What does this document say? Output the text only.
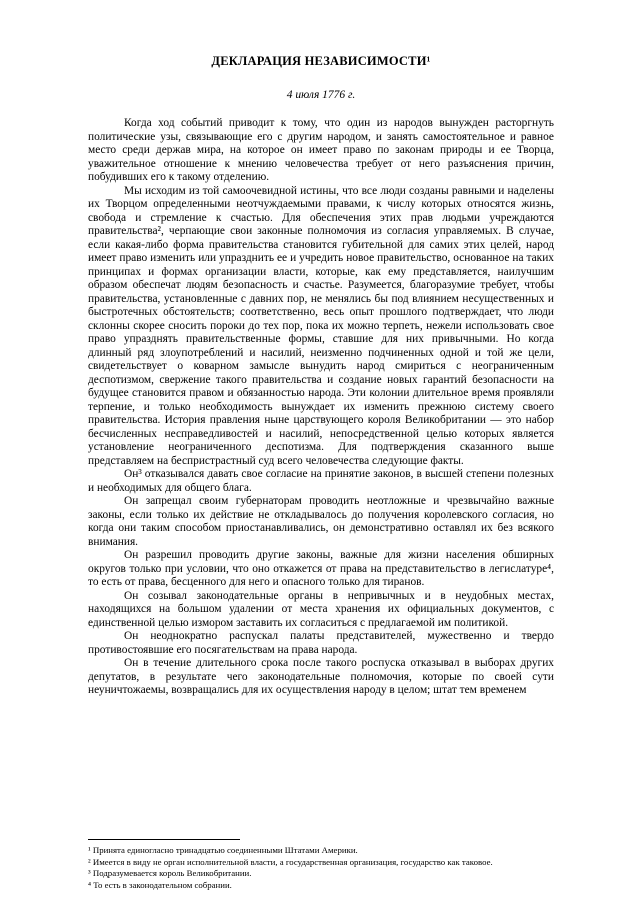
ДЕКЛАРАЦИЯ НЕЗАВИСИМОСТИ¹
4 июля 1776 г.

Когда ход событий приводит к тому, что один из народов вынужден расторгнуть политические узы, связывающие его с другим народом, и занять самостоятельное и равное место среди держав мира, на которое он имеет право по законам природы и ее Творца, уважительное отношение к мнению человечества требует от него разъяснения причин, побудивших его к такому отделению.

Мы исходим из той самоочевидной истины, что все люди созданы равными и наделены их Творцом определенными неотчуждаемыми правами, к числу которых относятся жизнь, свобода и стремление к счастью. Для обеспечения этих прав людьми учреждаются правительства², черпающие свои законные полномочия из согласия управляемых. В случае, если какая-либо форма правительства становится губительной для самих этих целей, народ имеет право изменить или упразднить ее и учредить новое правительство, основанное на таких принципах и формах организации власти, которые, как ему представляется, наилучшим образом обеспечат людям безопасность и счастье. Разумеется, благоразумие требует, чтобы правительства, установленные с давних пор, не менялись бы под влиянием несущественных и быстротечных обстоятельств; соответственно, весь опыт прошлого подтверждает, что люди склонны скорее сносить пороки до тех пор, пока их можно терпеть, нежели использовать свое право упразднять правительственные формы, ставшие для них привычными. Но когда длинный ряд злоупотреблений и насилий, неизменно подчиненных одной и той же цели, свидетельствует о коварном замысле вынудить народ смириться с неограниченным деспотизмом, свержение такого правительства и создание новых гарантий безопасности на будущее становится правом и обязанностью народа. Эти колонии длительное время проявляли терпение, и только необходимость вынуждает их изменить прежнюю систему своего правительства. История правления ныне царствующего короля Великобритании — это набор бесчисленных несправедливостей и насилий, непосредственной целью которых является установление неограниченного деспотизма. Для подтверждения сказанного выше представляем на беспристрастный суд всего человечества следующие факты.

Он³ отказывался давать свое согласие на принятие законов, в высшей степени полезных и необходимых для общего блага.

Он запрещал своим губернаторам проводить неотложные и чрезвычайно важные законы, если только их действие не откладывалось до получения королевского согласия, но когда они таким способом приостанавливались, он демонстративно оставлял их без всякого внимания.

Он разрешил проводить другие законы, важные для жизни населения обширных округов только при условии, что оно откажется от права на представительство в легислатуре⁴, то есть от права, бесценного для него и опасного только для тиранов.

Он созывал законодательные органы в непривычных и в неудобных местах, находящихся на большом удалении от места хранения их официальных документов, с единственной целью измором заставить их согласиться с предлагаемой им политикой.

Он неоднократно распускал палаты представителей, мужественно и твердо противостоявшие его посягательствам на права народа.

Он в течение длительного срока после такого роспуска отказывал в выборах других депутатов, в результате чего законодательные полномочия, которые по своей сути неуничтожаемы, возвращались для их осуществления народу в целом; штат тем временем

¹ Принята единогласно тринадцатью соединенными Штатами Америки.

² Имеется в виду не орган исполнительной власти, а государственная организация, государство как таковое.

³ Подразумевается король Великобритании.

⁴ То есть в законодательном собрании.
